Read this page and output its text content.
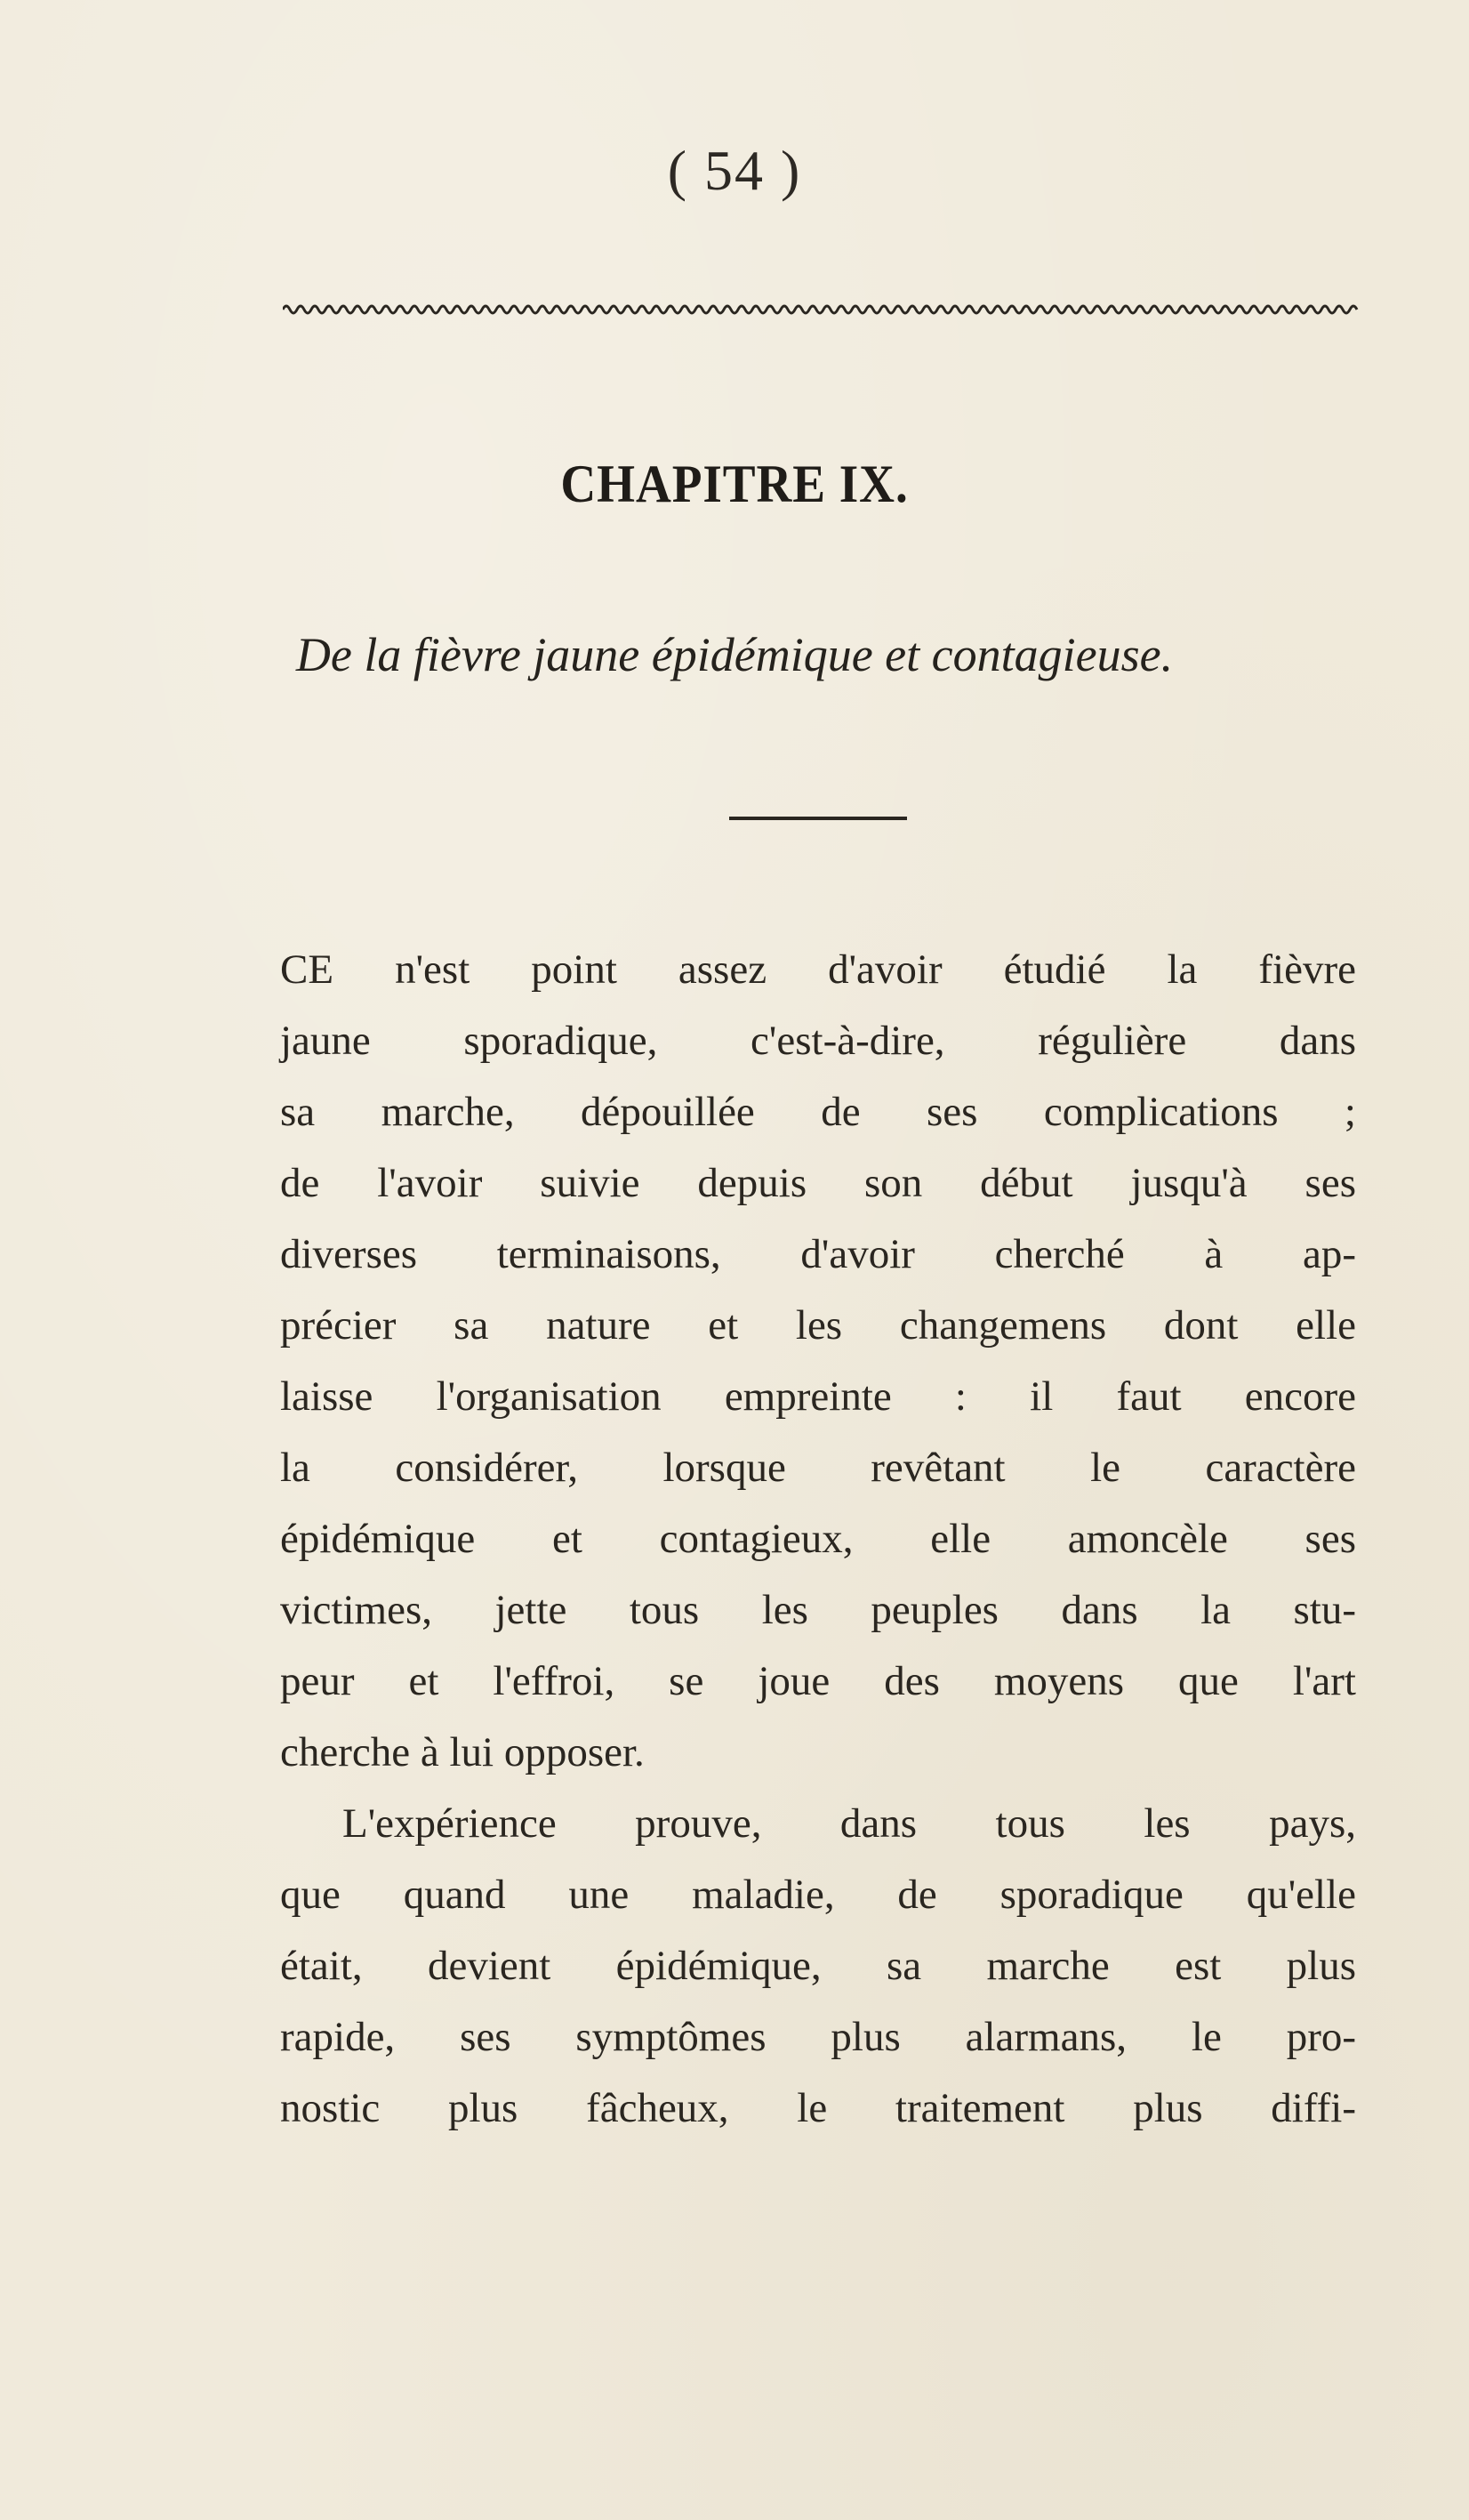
( 54 )
CHAPITRE IX.
De la fièvre jaune épidémique et contagieuse.
CE n'est point assez d'avoir étudié la fièvre
jaune sporadique, c'est-à-dire, régulière dans
sa marche, dépouillée de ses complications ;
de l'avoir suivie depuis son début jusqu'à ses
diverses terminaisons, d'avoir cherché à ap-
précier sa nature et les changemens dont elle
laisse l'organisation empreinte : il faut encore
la considérer, lorsque revêtant le caractère
épidémique et contagieux, elle amoncèle ses
victimes, jette tous les peuples dans la stu-
peur et l'effroi, se joue des moyens que l'art
cherche à lui opposer.
L'expérience prouve, dans tous les pays,
que quand une maladie, de sporadique qu'elle
était, devient épidémique, sa marche est plus
rapide, ses symptômes plus alarmans, le pro-
nostic plus fâcheux, le traitement plus diffi-
